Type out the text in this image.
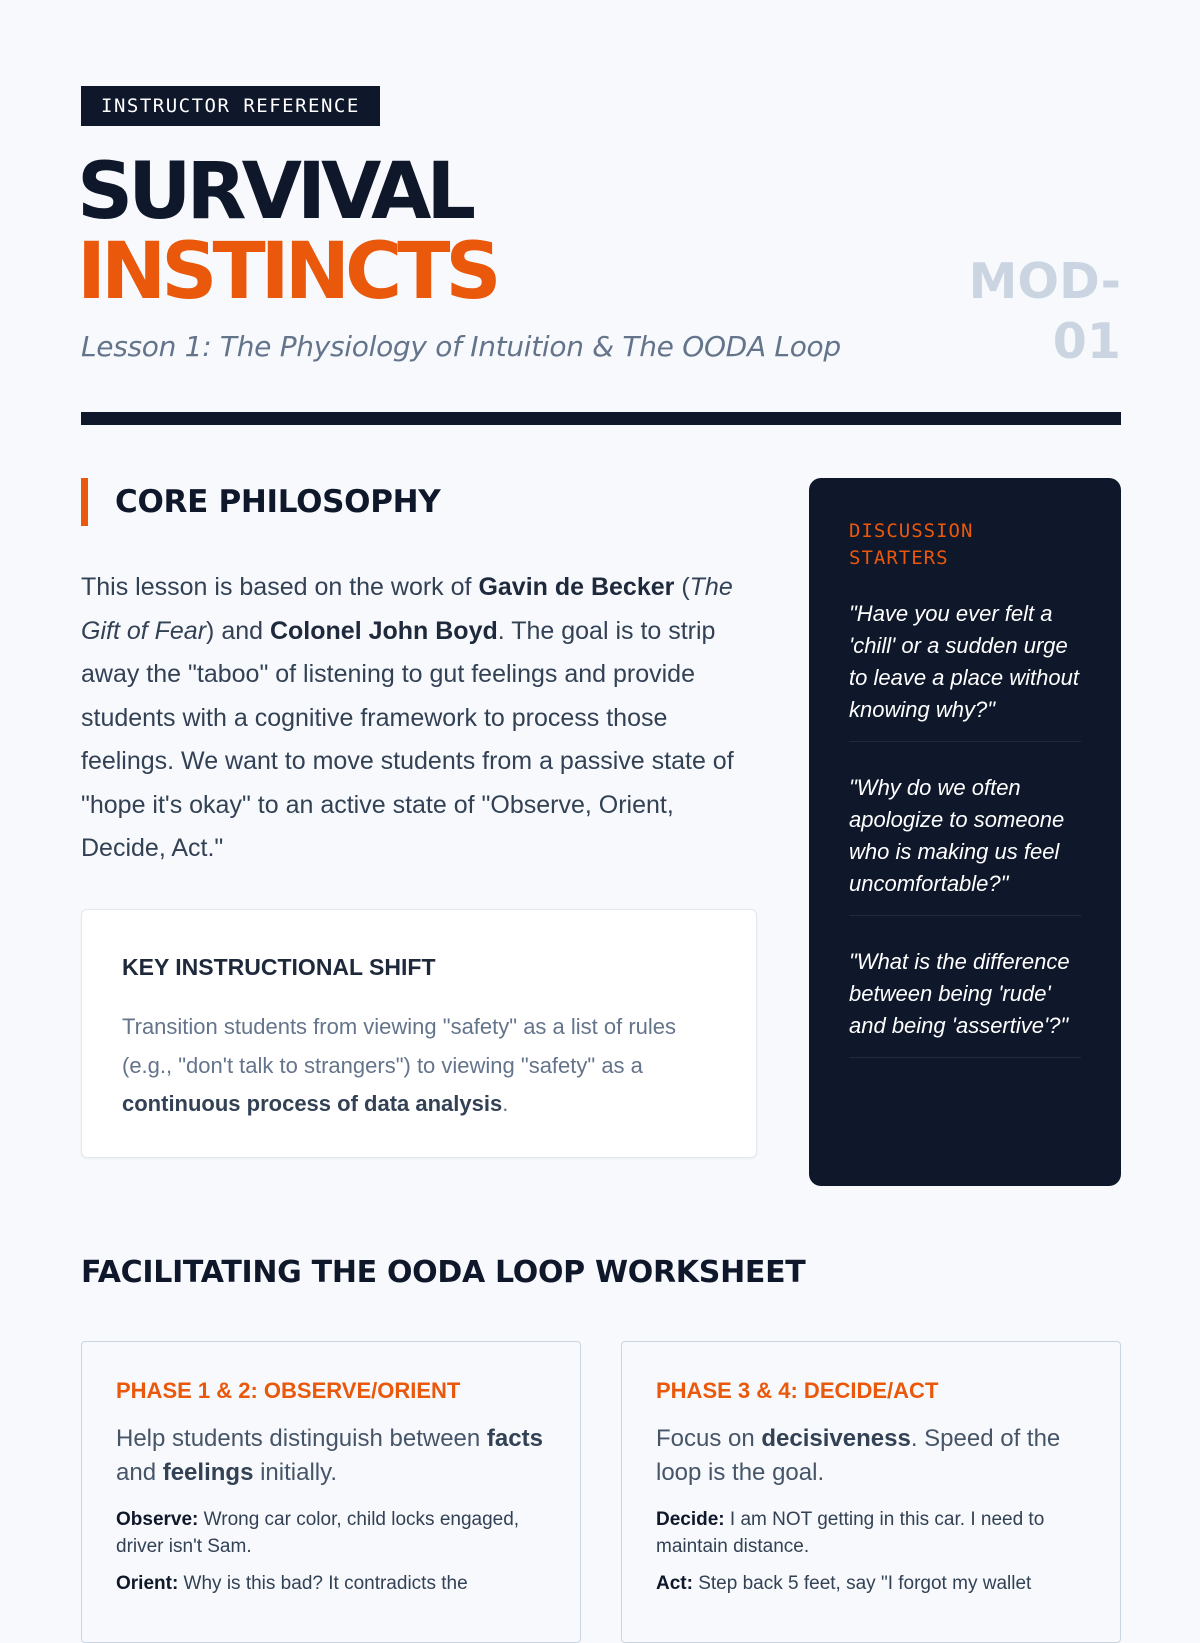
INSTRUCTOR REFERENCE
SURVIVAL
INSTINCTS
Lesson 1: The Physiology of Intuition & The OODA Loop
MOD-
01
CORE PHILOSOPHY
This lesson is based on the work of Gavin de Becker (The Gift of Fear) and Colonel John Boyd. The goal is to strip away the "taboo" of listening to gut feelings and provide students with a cognitive framework to process those feelings. We want to move students from a passive state of "hope it's okay" to an active state of "Observe, Orient, Decide, Act."
KEY INSTRUCTIONAL SHIFT
Transition students from viewing "safety" as a list of rules (e.g., "don't talk to strangers") to viewing "safety" as a continuous process of data analysis.
DISCUSSION STARTERS
"Have you ever felt a 'chill' or a sudden urge to leave a place without knowing why?"
"Why do we often apologize to someone who is making us feel uncomfortable?"
"What is the difference between being 'rude' and being 'assertive'?"
FACILITATING THE OODA LOOP WORKSHEET
PHASE 1 & 2: OBSERVE/ORIENT
Help students distinguish between facts and feelings initially.
Observe: Wrong car color, child locks engaged, driver isn't Sam.
Orient: Why is this bad? It contradicts the
PHASE 3 & 4: DECIDE/ACT
Focus on decisiveness. Speed of the loop is the goal.
Decide: I am NOT getting in this car. I need to maintain distance.
Act: Step back 5 feet, say "I forgot my wallet
